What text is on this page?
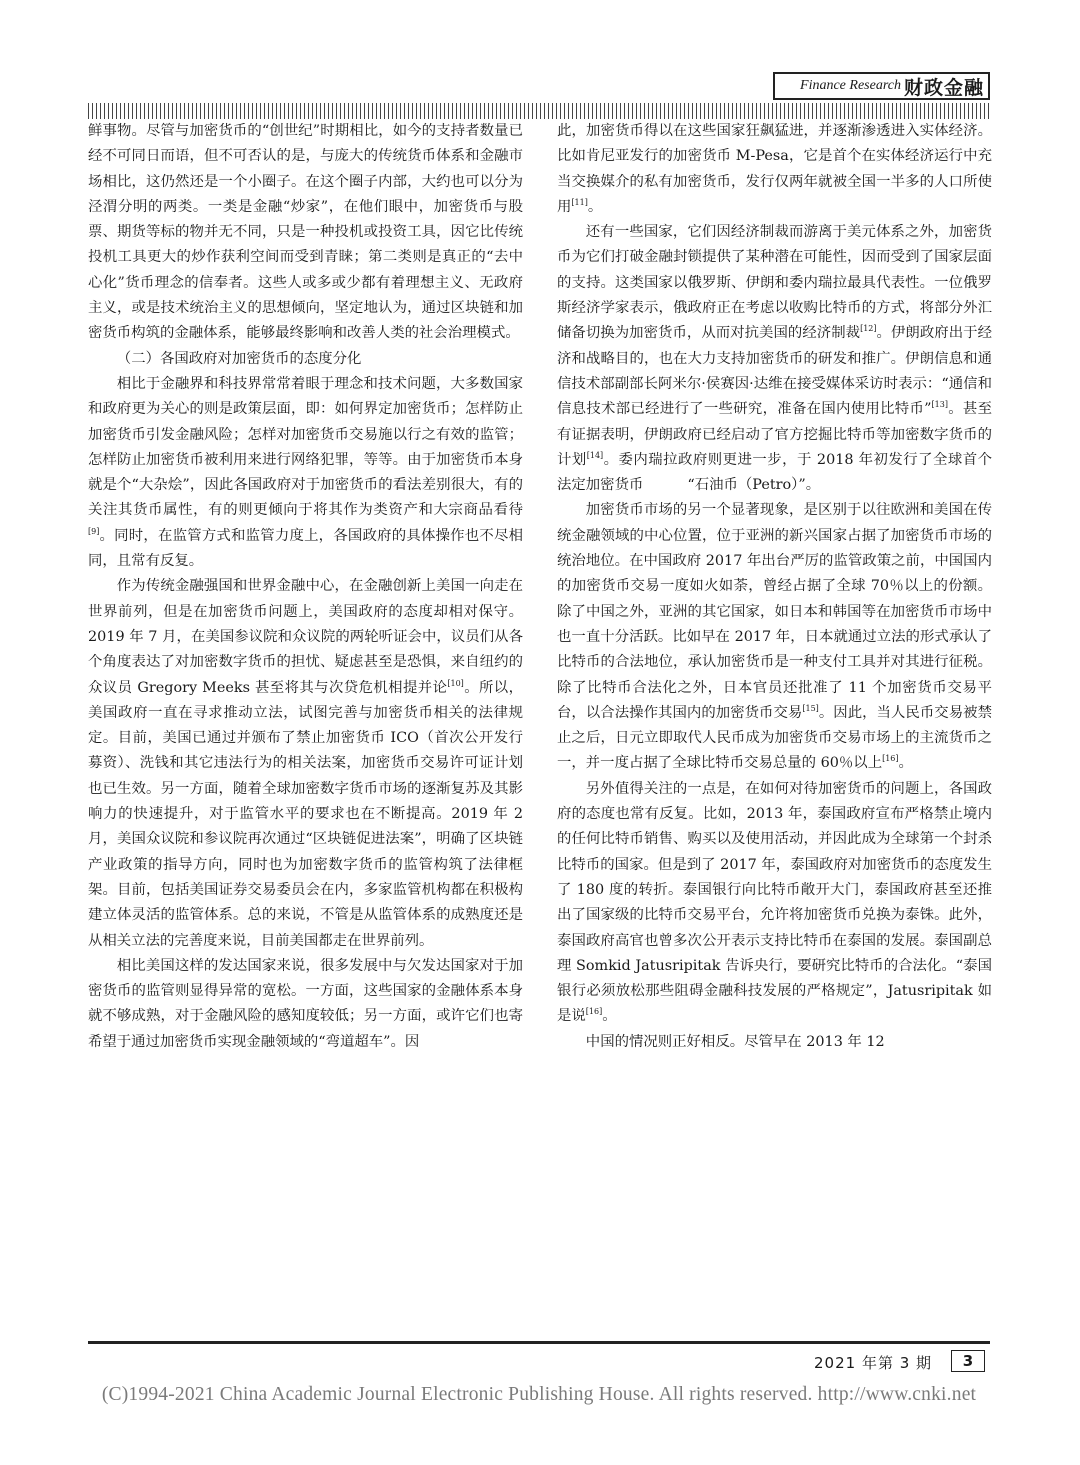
Finance Research 财政金融

鲜事物。尽管与加密货币的“创世纪”时期相比，如今的支持者数量已经不可同日而语，但不可否认的是，与庞大的传统货币体系和金融市场相比，这仍然还是一个小圈子。在这个圈子内部，大约也可以分为泾渭分明的两类。一类是金融“炒家”，在他们眼中，加密货币与股票、期货等标的物并无不同，只是一种投机或投资工具，因它比传统投机工具更大的炒作获利空间而受到青睐；第二类则是真正的“去中心化”货币理念的信奉者。这些人或多或少都有着理想主义、无政府主义，或是技术统治主义的思想倾向，坚定地认为，通过区块链和加密货币构筑的金融体系，能够最终影响和改善人类的社会治理模式。

（二）各国政府对加密货币的态度分化

相比于金融界和科技界常常着眼于理念和技术问题，大多数国家和政府更为关心的则是政策层面，即：如何界定加密货币；怎样防止加密货币引发金融风险；怎样对加密货币交易施以行之有效的监管；怎样防止加密货币被利用来进行网络犯罪，等等。由于加密货币本身就是个“大杂烩”，因此各国政府对于加密货币的看法差别很大，有的关注其货币属性，有的则更倾向于将其作为类资产和大宗商品看待[9]。同时，在监管方式和监管力度上，各国政府的具体操作也不尽相同，且常有反复。

作为传统金融强国和世界金融中心，在金融创新上美国一向走在世界前列，但是在加密货币问题上，美国政府的态度却相对保守。2019 年 7 月，在美国参议院和众议院的两轮听证会中，议员们从各个角度表达了对加密数字货币的担忧、疑虑甚至是恐惧，来自纽约的众议员 Gregory Meeks 甚至将其与次贷危机相提并论[10]。所以，美国政府一直在寻求推动立法，试图完善与加密货币相关的法律规定。目前，美国已通过并颁布了禁止加密货币 ICO（首次公开发行募资）、洗钱和其它违法行为的相关法案，加密货币交易许可证计划也已生效。另一方面，随着全球加密数字货币市场的逐渐复苏及其影响力的快速提升，对于监管水平的要求也在不断提高。2019 年 2 月，美国众议院和参议院再次通过“区块链促进法案”，明确了区块链产业政策的指导方向，同时也为加密数字货币的监管构筑了法律框架。目前，包括美国证券交易委员会在内，多家监管机构都在积极构建立体灵活的监管体系。总的来说，不管是从监管体系的成熟度还是从相关立法的完善度来说，目前美国都走在世界前列。

相比美国这样的发达国家来说，很多发展中与欠发达国家对于加密货币的监管则显得异常的宽松。一方面，这些国家的金融体系本身就不够成熟，对于金融风险的感知度较低；另一方面，或许它们也寄希望于通过加密货币实现金融领域的“弯道超车”。因

此，加密货币得以在这些国家狂飙猛进，并逐渐渗透进入实体经济。比如肯尼亚发行的加密货币 M-Pesa，它是首个在实体经济运行中充当交换媒介的私有加密货币，发行仅两年就被全国一半多的人口所使用[11]。

还有一些国家，它们因经济制裁而游离于美元体系之外，加密货币为它们打破金融封锁提供了某种潜在可能性，因而受到了国家层面的支持。这类国家以俄罗斯、伊朗和委内瑞拉最具代表性。一位俄罗斯经济学家表示，俄政府正在考虑以收购比特币的方式，将部分外汇储备切换为加密货币，从而对抗美国的经济制裁[12]。伊朗政府出于经济和战略目的，也在大力支持加密货币的研发和推广。伊朗信息和通信技术部副部长阿米尔·侯赛因·达维在接受媒体采访时表示：“通信和信息技术部已经进行了一些研究，准备在国内使用比特币”[13]。甚至有证据表明，伊朗政府已经启动了官方挖掘比特币等加密数字货币的计划[14]。委内瑞拉政府则更进一步，于 2018 年初发行了全球首个法定加密货币	“石油币（Petro）”。

加密货币市场的另一个显著现象，是区别于以往欧洲和美国在传统金融领域的中心位置，位于亚洲的新兴国家占据了加密货币市场的统治地位。在中国政府 2017 年出台严厉的监管政策之前，中国国内的加密货币交易一度如火如荼，曾经占据了全球 70％以上的份额。除了中国之外，亚洲的其它国家，如日本和韩国等在加密货币市场中也一直十分活跃。比如早在 2017 年，日本就通过立法的形式承认了比特币的合法地位，承认加密货币是一种支付工具并对其进行征税。除了比特币合法化之外，日本官员还批准了 11 个加密货币交易平台，以合法操作其国内的加密货币交易[15]。因此，当人民币交易被禁止之后，日元立即取代人民币成为加密货币交易市场上的主流货币之一，并一度占据了全球比特币交易总量的 60％以上[16]。

另外值得关注的一点是，在如何对待加密货币的问题上，各国政府的态度也常有反复。比如，2013 年，泰国政府宣布严格禁止境内的任何比特币销售、购买以及使用活动，并因此成为全球第一个封杀比特币的国家。但是到了 2017 年，泰国政府对加密货币的态度发生了 180 度的转折。泰国银行向比特币敞开大门，泰国政府甚至还推出了国家级的比特币交易平台，允许将加密货币兑换为泰铢。此外，泰国政府高官也曾多次公开表示支持比特币在泰国的发展。泰国副总理 Somkid Jatusripitak 告诉央行，要研究比特币的合法化。“泰国银行必须放松那些阻碍金融科技发展的严格规定”，Jatusripitak 如是说[16]。

中国的情况则正好相反。尽管早在 2013 年 12

2021 年第 3 期	3
(C)1994-2021 China Academic Journal Electronic Publishing House. All rights reserved. http://www.cnki.net
